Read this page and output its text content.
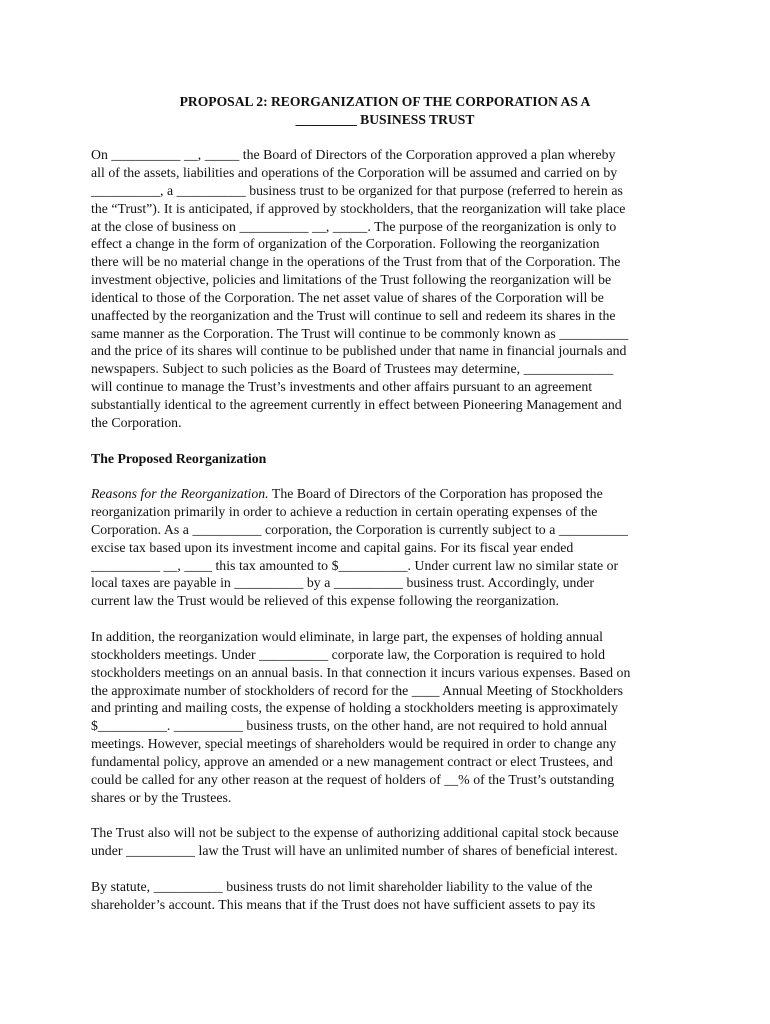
PROPOSAL 2: REORGANIZATION OF THE CORPORATION AS A
_________ BUSINESS TRUST

On __________ __, _____ the Board of Directors of the Corporation approved a plan whereby
all of the assets, liabilities and operations of the Corporation will be assumed and carried on by
__________, a __________ business trust to be organized for that purpose (referred to herein as
the “Trust”). It is anticipated, if approved by stockholders, that the reorganization will take place
at the close of business on __________ __, _____. The purpose of the reorganization is only to
effect a change in the form of organization of the Corporation. Following the reorganization
there will be no material change in the operations of the Trust from that of the Corporation. The
investment objective, policies and limitations of the Trust following the reorganization will be
identical to those of the Corporation. The net asset value of shares of the Corporation will be
unaffected by the reorganization and the Trust will continue to sell and redeem its shares in the
same manner as the Corporation. The Trust will continue to be commonly known as __________
and the price of its shares will continue to be published under that name in financial journals and
newspapers. Subject to such policies as the Board of Trustees may determine, _____________
will continue to manage the Trust’s investments and other affairs pursuant to an agreement
substantially identical to the agreement currently in effect between Pioneering Management and
the Corporation.

The Proposed Reorganization

Reasons for the Reorganization. The Board of Directors of the Corporation has proposed the
reorganization primarily in order to achieve a reduction in certain operating expenses of the
Corporation. As a __________ corporation, the Corporation is currently subject to a __________
excise tax based upon its investment income and capital gains. For its fiscal year ended
__________ __, ____ this tax amounted to $__________. Under current law no similar state or
local taxes are payable in __________ by a __________ business trust. Accordingly, under
current law the Trust would be relieved of this expense following the reorganization.

In addition, the reorganization would eliminate, in large part, the expenses of holding annual
stockholders meetings. Under __________ corporate law, the Corporation is required to hold
stockholders meetings on an annual basis. In that connection it incurs various expenses. Based on
the approximate number of stockholders of record for the ____ Annual Meeting of Stockholders
and printing and mailing costs, the expense of holding a stockholders meeting is approximately
$__________. __________ business trusts, on the other hand, are not required to hold annual
meetings. However, special meetings of shareholders would be required in order to change any
fundamental policy, approve an amended or a new management contract or elect Trustees, and
could be called for any other reason at the request of holders of __% of the Trust’s outstanding
shares or by the Trustees.

The Trust also will not be subject to the expense of authorizing additional capital stock because
under __________ law the Trust will have an unlimited number of shares of beneficial interest.

By statute, __________ business trusts do not limit shareholder liability to the value of the
shareholder’s account. This means that if the Trust does not have sufficient assets to pay its
